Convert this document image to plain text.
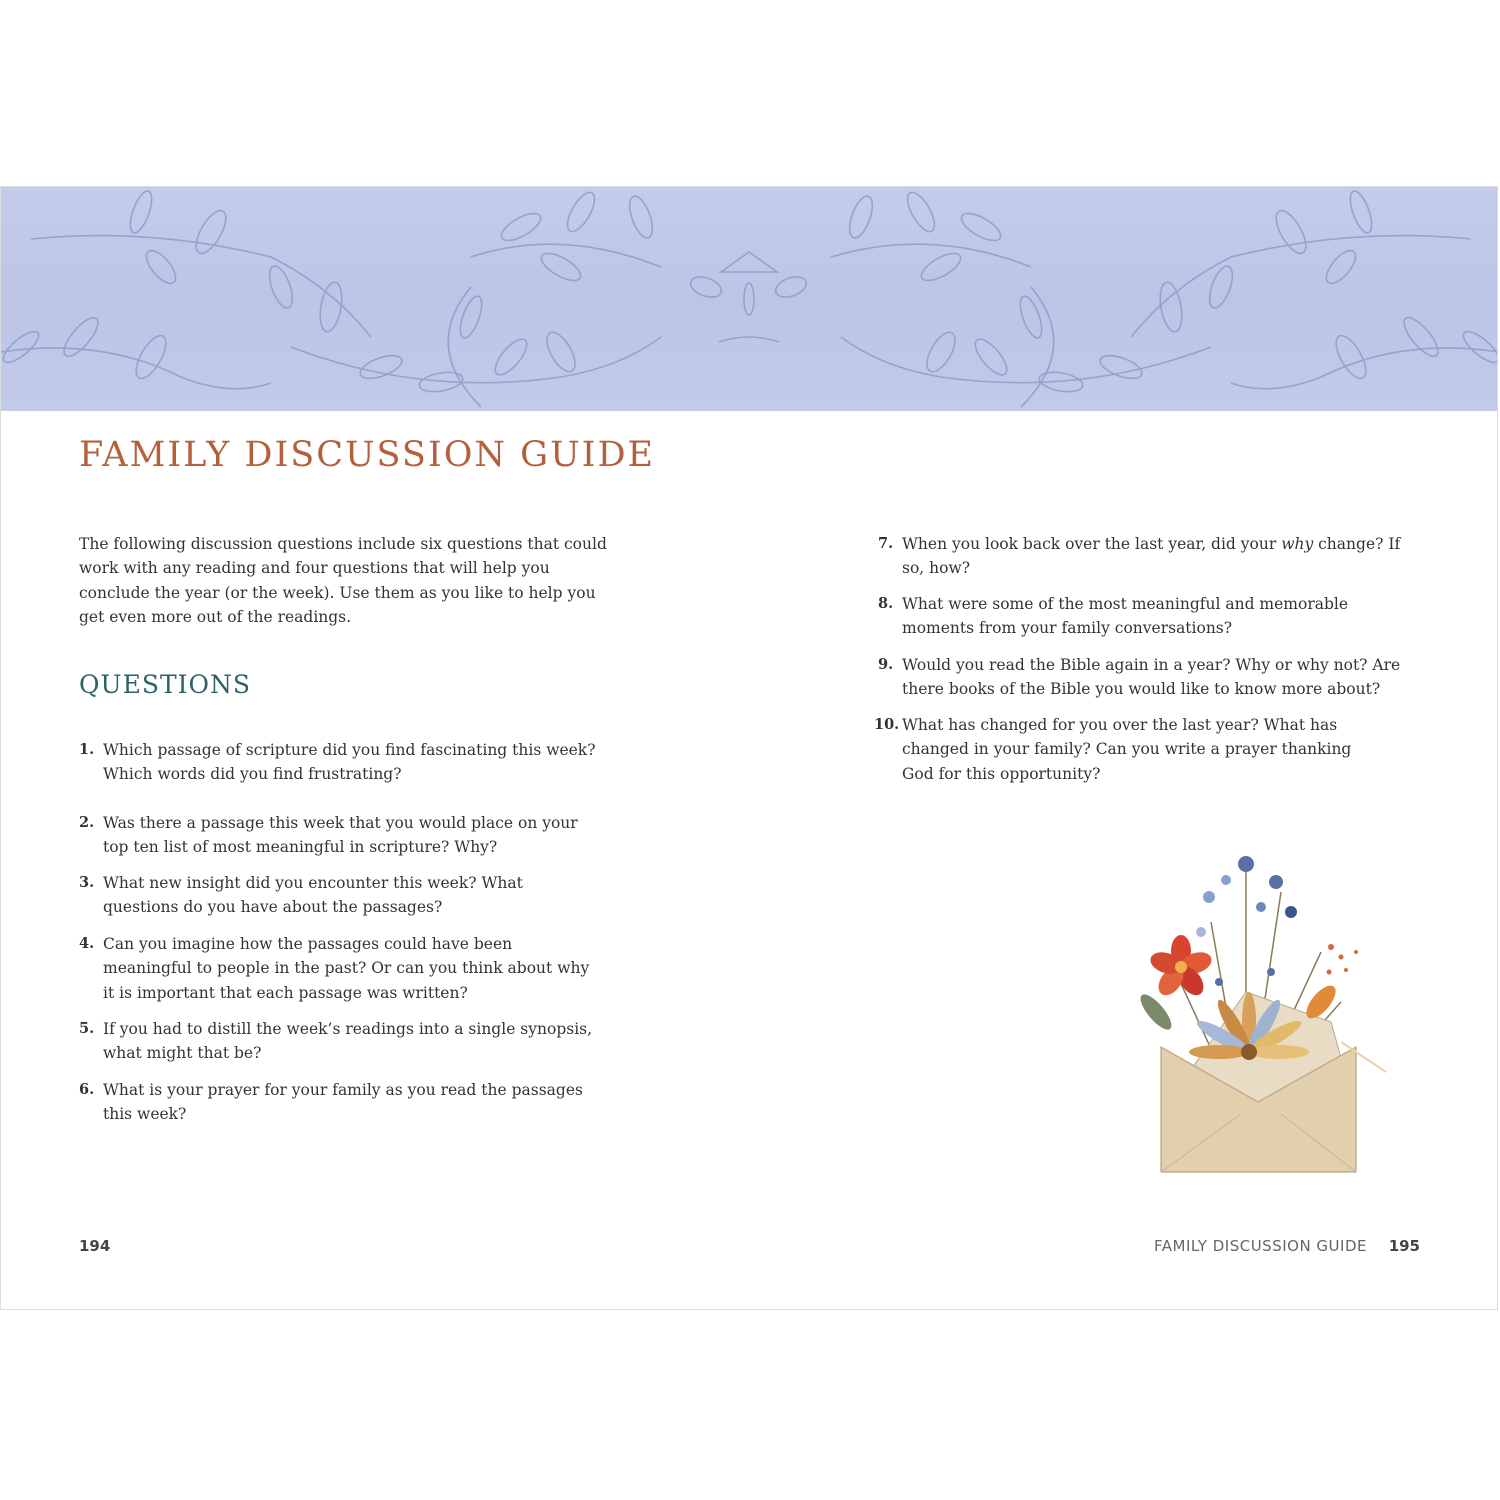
FAMILY DISCUSSION GUIDE

The following discussion questions include six questions that could work with any reading and four questions that will help you conclude the year (or the week). Use them as you like to help you get even more out of the readings.

QUESTIONS
1. Which passage of scripture did you find fascinating this week? Which words did you find frustrating?
2. Was there a passage this week that you would place on your top ten list of most meaningful in scripture? Why?
3. What new insight did you encounter this week? What questions do you have about the passages?
4. Can you imagine how the passages could have been meaningful to people in the past? Or can you think about why it is important that each passage was written?
5. If you had to distill the week’s readings into a single synopsis, what might that be?
6. What is your prayer for your family as you read the passages this week?
7. When you look back over the last year, did your why change? If so, how?
8. What were some of the most meaningful and memorable moments from your family conversations?
9. Would you read the Bible again in a year? Why or why not? Are there books of the Bible you would like to know more about?
10. What has changed for you over the last year? What has changed in your family? Can you write a prayer thanking God for this opportunity?
194	FAMILY DISCUSSION GUIDE 195
